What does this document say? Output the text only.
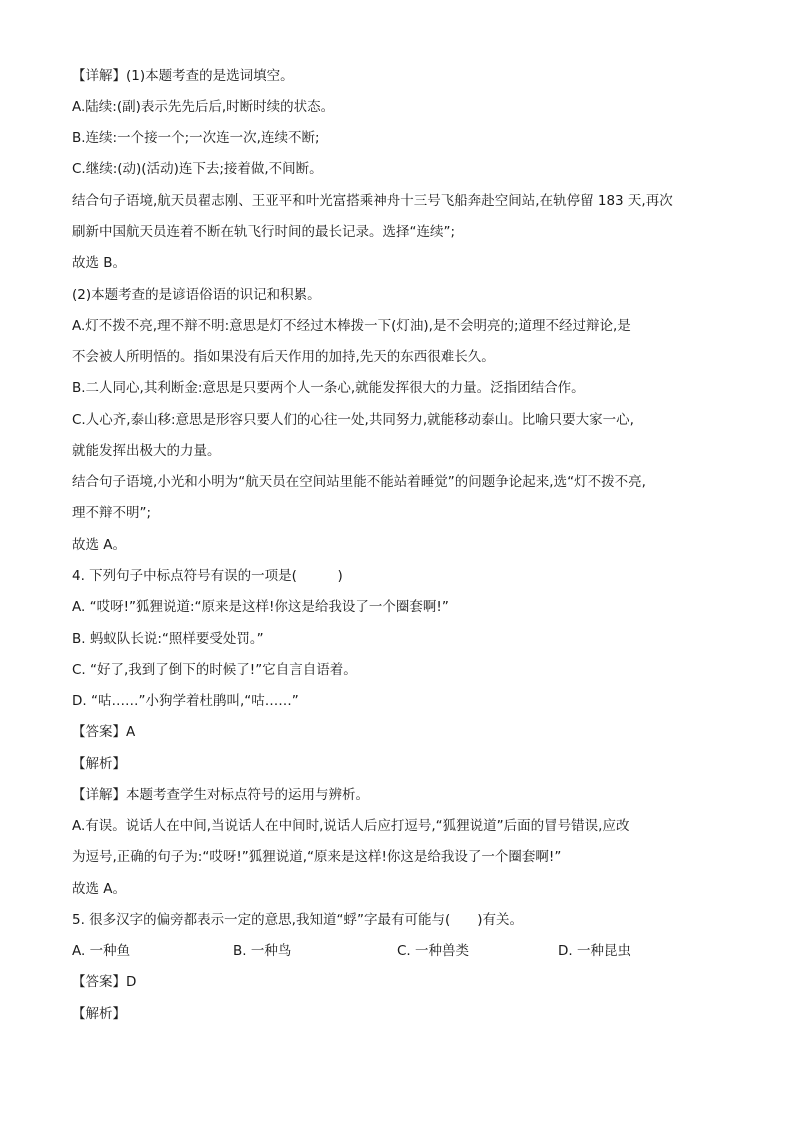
【详解】(1)本题考查的是选词填空。
A.陆续:(副)表示先先后后,时断时续的状态。
B.连续:一个接一个;一次连一次,连续不断;
C.继续:(动)(活动)连下去;接着做,不间断。
结合句子语境,航天员翟志刚、王亚平和叶光富搭乘神舟十三号飞船奔赴空间站,在轨停留 183 天,再次
刷新中国航天员连着不断在轨飞行时间的最长记录。选择“连续”;
故选 B。
(2)本题考查的是谚语俗语的识记和积累。
A.灯不拨不亮,理不辩不明:意思是灯不经过木棒拨一下(灯油),是不会明亮的;道理不经过辩论,是
不会被人所明悟的。指如果没有后天作用的加持,先天的东西很难长久。
B.二人同心,其利断金:意思是只要两个人一条心,就能发挥很大的力量。泛指团结合作。
C.人心齐,泰山移:意思是形容只要人们的心往一处,共同努力,就能移动泰山。比喻只要大家一心,
就能发挥出极大的力量。
结合句子语境,小光和小明为“航天员在空间站里能不能站着睡觉”的问题争论起来,选“灯不拨不亮,
理不辩不明”;
故选 A。
4. 下列句子中标点符号有误的一项是(　　　)
A. “哎呀!”狐狸说道:“原来是这样!你这是给我设了一个圈套啊!”
B. 蚂蚁队长说:“照样要受处罚。”
C. “好了,我到了倒下的时候了!”它自言自语着。
D. “咕……”小狗学着杜鹃叫,“咕……”
【答案】A
【解析】
【详解】本题考查学生对标点符号的运用与辨析。
A.有误。说话人在中间,当说话人在中间时,说话人后应打逗号,“狐狸说道”后面的冒号错误,应改
为逗号,正确的句子为:“哎呀!”狐狸说道,“原来是这样!你这是给我设了一个圈套啊!”
故选 A。
5. 很多汉字的偏旁都表示一定的意思,我知道“蜉”字最有可能与(　　)有关。
A. 一种鱼	B. 一种鸟	C. 一种兽类	D. 一种昆虫
【答案】D
【解析】
